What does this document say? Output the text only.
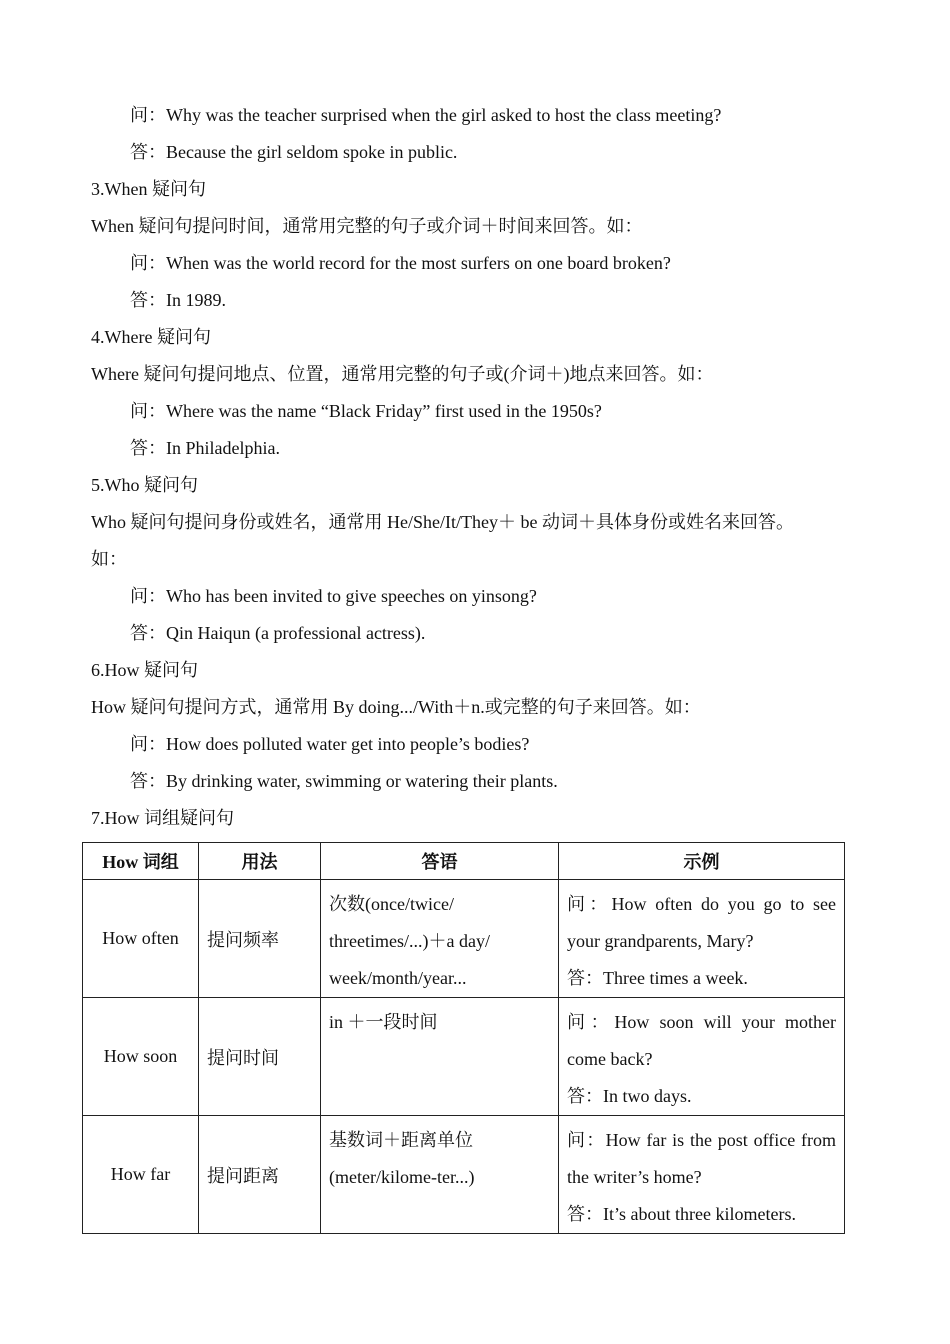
问：Why was the teacher surprised when the girl asked to host the class meeting?
答：Because the girl seldom spoke in public.
3.When 疑问句
When 疑问句提问时间，通常用完整的句子或介词＋时间来回答。如：
问：When was the world record for the most surfers on one board broken?
答：In 1989.
4.Where 疑问句
Where 疑问句提问地点、位置，通常用完整的句子或(介词＋)地点来回答。如：
问：Where was the name “Black Friday” first used in the 1950s?
答：In Philadelphia.
5.Who 疑问句
Who 疑问句提问身份或姓名，通常用 He/She/It/They＋ be 动词＋具体身份或姓名来回答。
如：
问：Who has been invited to give speeches on yinsong?
答：Qin Haiqun (a professional actress).
6.How 疑问句
How 疑问句提问方式，通常用 By doing.../With＋n.或完整的句子来回答。如：
问：How does polluted water get into people’s bodies?
答：By drinking water, swimming or watering their plants.
7.How 词组疑问句
How 词组	用法	答语	示例
How often	提问频率	次数(once/twice/
threetimes/...)＋a day/
week/month/year...	问：How often do you go to see your grandparents, Mary?
答：Three times a week.

How soon	提问时间	in ＋一段时间	问：How soon will your mother come back?
答：In two days.

How far	提问距离	基数词＋距离单位
(meter/kilome-ter...)	问：How far is the post office from the writer’s home?
答：It’s about three kilometers.
